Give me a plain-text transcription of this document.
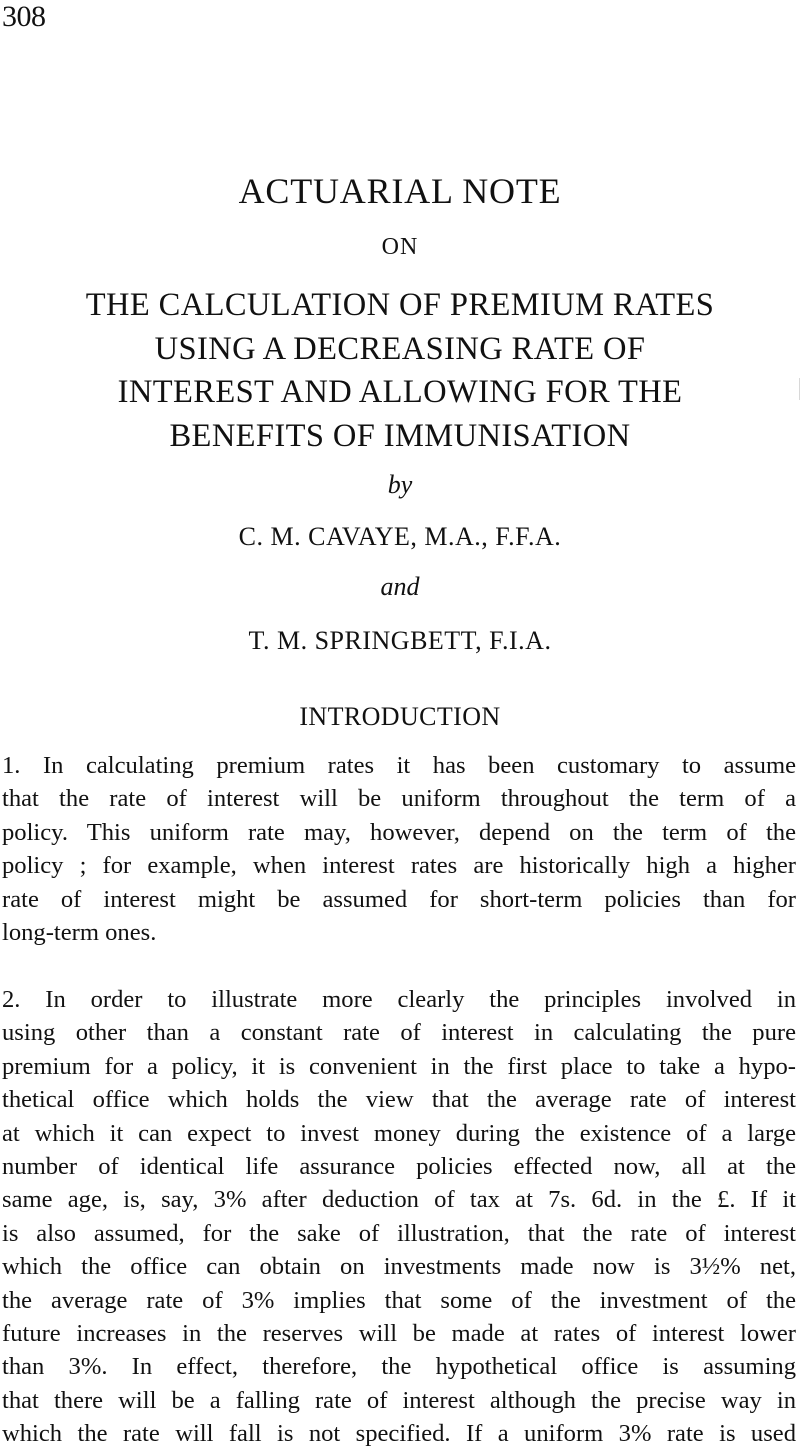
308
ACTUARIAL NOTE
ON
THE CALCULATION OF PREMIUM RATES
USING A DECREASING RATE OF
INTEREST AND ALLOWING FOR THE
BENEFITS OF IMMUNISATION
by
C. M. CAVAYE, M.A., F.F.A.
and
T. M. SPRINGBETT, F.I.A.
INTRODUCTION
1. In calculating premium rates it has been customary to assume
that the rate of interest will be uniform throughout the term of a
policy. This uniform rate may, however, depend on the term of the
policy ; for example, when interest rates are historically high a higher
rate of interest might be assumed for short-term policies than for
long-term ones.
2. In order to illustrate more clearly the principles involved in
using other than a constant rate of interest in calculating the pure
premium for a policy, it is convenient in the first place to take a hypo-
thetical office which holds the view that the average rate of interest
at which it can expect to invest money during the existence of a large
number of identical life assurance policies effected now, all at the
same age, is, say, 3% after deduction of tax at 7s. 6d. in the £. If it
is also assumed, for the sake of illustration, that the rate of interest
which the office can obtain on investments made now is 3½% net,
the average rate of 3% implies that some of the investment of the
future increases in the reserves will be made at rates of interest lower
than 3%. In effect, therefore, the hypothetical office is assuming
that there will be a falling rate of interest although the precise way in
which the rate will fall is not specified. If a uniform 3% rate is used
